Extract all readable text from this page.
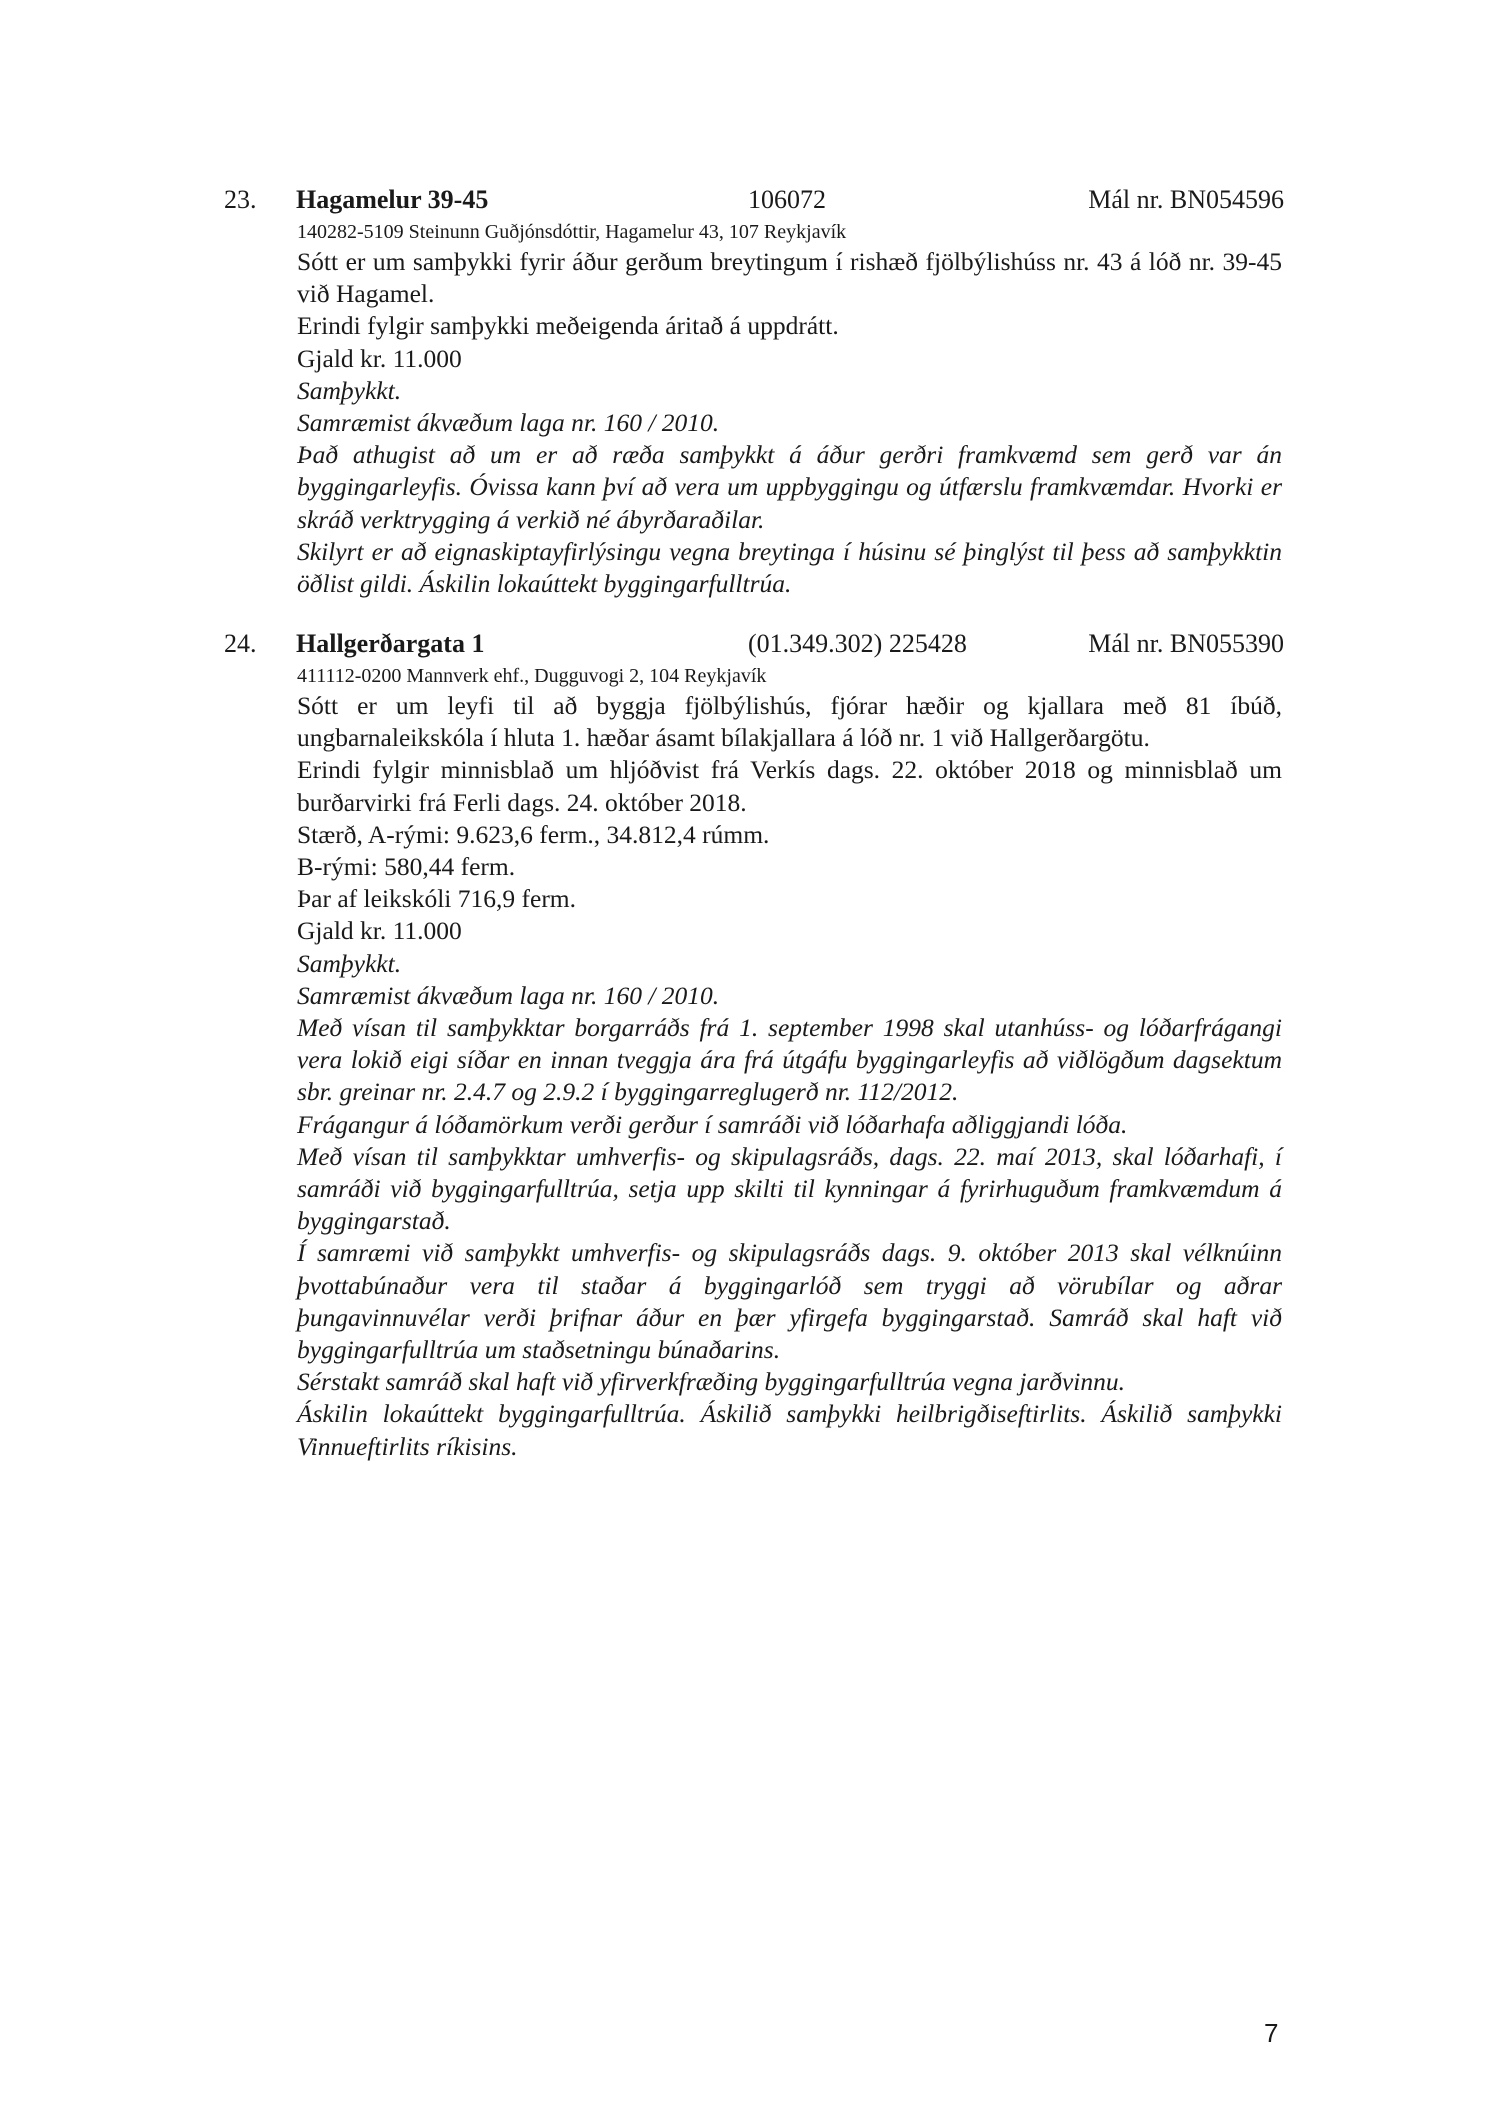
23. Hagamelur 39-45	106072	Mál nr. BN054596
140282-5109 Steinunn Guðjónsdóttir, Hagamelur 43, 107 Reykjavík
Sótt er um samþykki fyrir áður gerðum breytingum í rishæð fjölbýlishúss nr. 43 á lóð nr. 39-45 við Hagamel.
Erindi fylgir samþykki meðeigenda áritað á uppdrátt.
Gjald kr. 11.000
Samþykkt.
Samræmist ákvæðum laga nr. 160 / 2010.
Það athugist að um er að ræða samþykkt á áður gerðri framkvæmd sem gerð var án byggingarleyfis. Óvissa kann því að vera um uppbyggingu og útfærslu framkvæmdar. Hvorki er skráð verktrygging á verkið né ábyrðaraðilar.
Skilyrt er að eignaskiptayfirlýsingu vegna breytinga í húsinu sé þinglýst til þess að samþykktin öðlist gildi. Áskilin lokaúttekt byggingarfulltrúa.
24. Hallgerðargata 1	(01.349.302) 225428	Mál nr. BN055390
411112-0200 Mannverk ehf., Dugguvogi 2, 104 Reykjavík
Sótt er um leyfi til að byggja fjölbýlishús, fjórar hæðir og kjallara með 81 íbúð, ungbarnaleikskóla í hluta 1. hæðar ásamt bílakjallara á lóð nr. 1 við Hallgerðargötu.
Erindi fylgir minnisblað um hljóðvist frá Verkís dags. 22. október 2018 og minnisblað um burðarvirki frá Ferli dags. 24. október 2018.
Stærð, A-rými: 9.623,6 ferm., 34.812,4 rúmm.
B-rými: 580,44 ferm.
Þar af leikskóli 716,9 ferm.
Gjald kr. 11.000
Samþykkt.
Samræmist ákvæðum laga nr. 160 / 2010.
Með vísan til samþykktar borgarráðs frá 1. september 1998 skal utanhúss- og lóðarfrágangi vera lokið eigi síðar en innan tveggja ára frá útgáfu byggingarleyfis að viðlögðum dagsektum sbr. greinar nr. 2.4.7 og 2.9.2 í byggingarreglugerð nr. 112/2012.
Frágangur á lóðamörkum verði gerður í samráði við lóðarhafa aðliggjandi lóða.
Með vísan til samþykktar umhverfis- og skipulagsráðs, dags. 22. maí 2013, skal lóðarhafi, í samráði við byggingarfulltrúa, setja upp skilti til kynningar á fyrirhuguðum framkvæmdum á byggingarstað.
Í samræmi við samþykkt umhverfis- og skipulagsráðs dags. 9. október 2013 skal vélknúinn þvottabúnaður vera til staðar á byggingarlóð sem tryggi að vörubílar og aðrar þungavinnuvélar verði þrifnar áður en þær yfirgefa byggingarstað. Samráð skal haft við byggingarfulltrúa um staðsetningu búnaðarins.
Sérstakt samráð skal haft við yfirverkfræðing byggingarfulltrúa vegna jarðvinnu.
Áskilin lokaúttekt byggingarfulltrúa. Áskilið samþykki heilbrigðiseftirlits. Áskilið samþykki Vinnueftirlits ríkisins.
7
